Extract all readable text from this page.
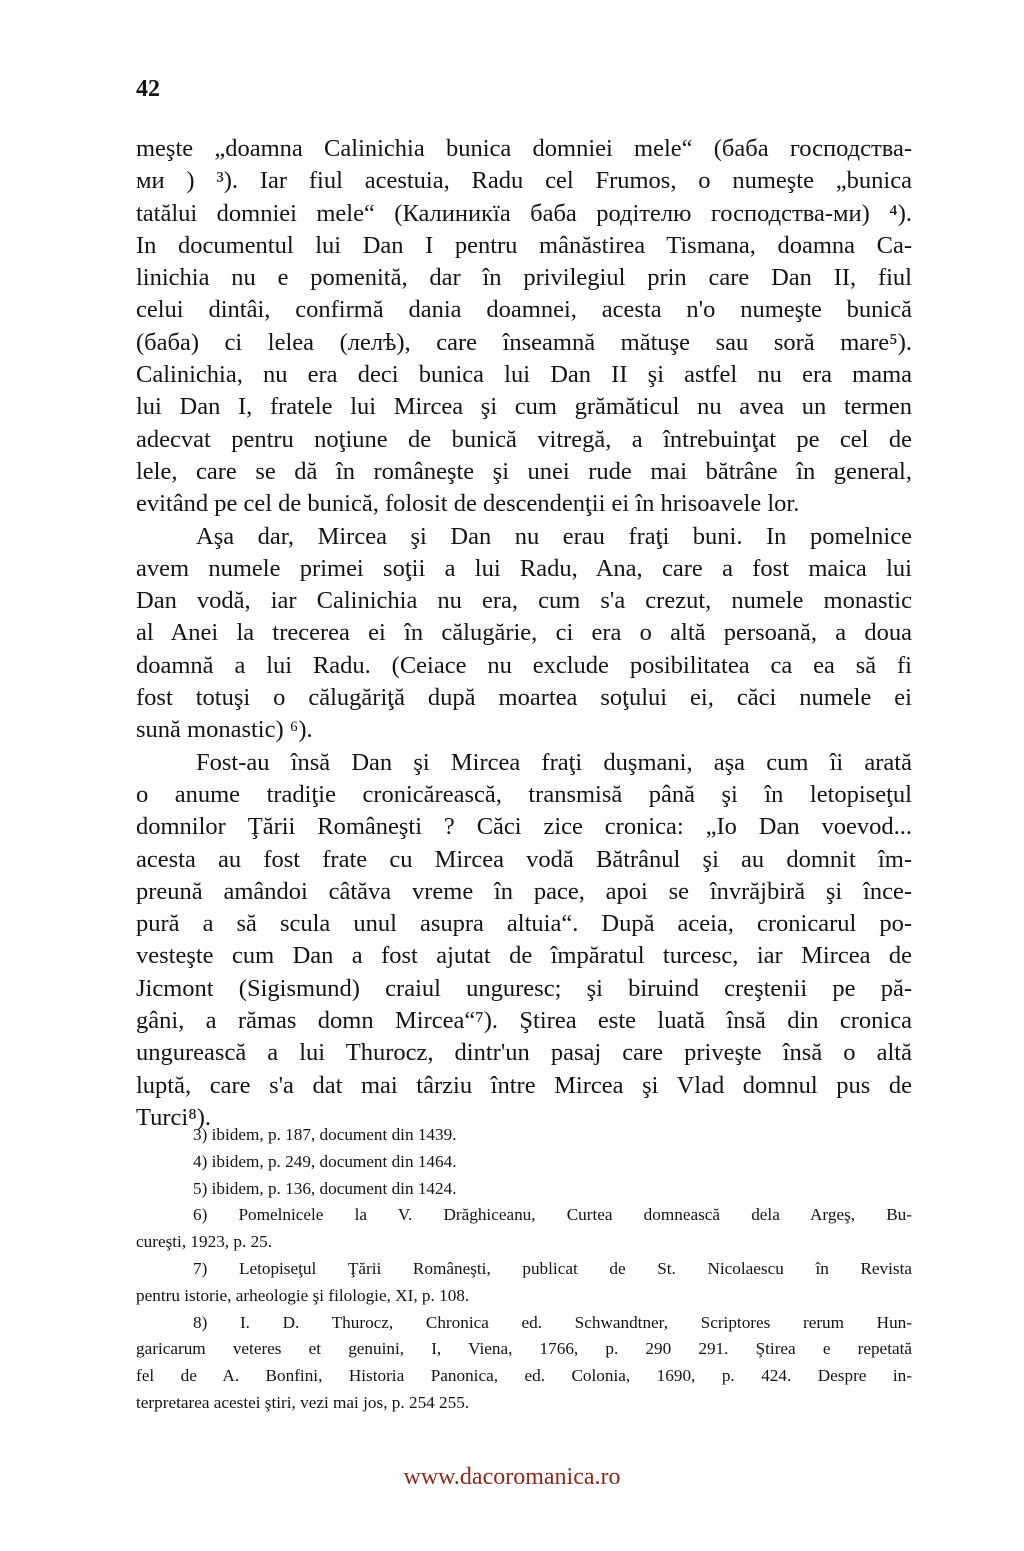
42
meşte „doamna Calinichia bunica domniei mele“ (баба господства-
ми ) ³). Iar fiul acestuia, Radu cel Frumos, o numeşte „bunica
tatălui domniei mele“ (Калиникїа баба родітелю господства-ми) ⁴).
In documentul lui Dan I pentru mânăstirea Tismana, doamna Ca-
linichia nu e pomenită, dar în privilegiul prin care Dan II, fiul
celui dintâi, confirmă dania doamnei, acesta n'o numeşte bunică
(баба) ci lelea (лелѣ), care înseamnă mătuşe sau soră mare⁵).
Calinichia, nu era deci bunica lui Dan II şi astfel nu era mama
lui Dan I, fratele lui Mircea şi cum grămăticul nu avea un termen
adecvat pentru noţiune de bunică vitregă, a întrebuinţat pe cel de
lele, care se dă în româneşte şi unei rude mai bătrâne în general,
evitând pe cel de bunică, folosit de descendenţii ei în hrisoavele lor.
Aşa dar, Mircea şi Dan nu erau fraţi buni. In pomelnice
avem numele primei soţii a lui Radu, Ana, care a fost maica lui
Dan vodă, iar Calinichia nu era, cum s'a crezut, numele monastic
al Anei la trecerea ei în călugărie, ci era o altă persoană, a doua
doamnă a lui Radu. (Ceiace nu exclude posibilitatea ca ea să fi
fost totuşi o călugăriţă după moartea soţului ei, căci numele ei
sună monastic) ⁶).
Fost-au însă Dan şi Mircea fraţi duşmani, aşa cum îi arată
o anume tradiţie cronicărească, transmisă până şi în letopiseţul
domnilor Ţării Româneşti ? Căci zice cronica: „Io Dan voevod...
acesta au fost frate cu Mircea vodă Bătrânul şi au domnit îm-
preună amândoi câtăva vreme în pace, apoi se învrăjbiră şi înce-
pură a să scula unul asupra altuia“. După aceia, cronicarul po-
vesteşte cum Dan a fost ajutat de împăratul turcesc, iar Mircea de
Jicmont (Sigismund) craiul unguresc; şi biruind creştenii pe pă-
gâni, a rămas domn Mircea“⁷). Ştirea este luată însă din cronica
ungurească a lui Thurocz, dintr'un pasaj care priveşte însă o altă
luptă, care s'a dat mai târziu între Mircea şi Vlad domnul pus de
Turci⁸).
3) ibidem, p. 187, document din 1439.
4) ibidem, p. 249, document din 1464.
5) ibidem, p. 136, document din 1424.
6) Pomelnicele la V. Drăghiceanu, Curtea domnească dela Argeş, Bu-
cureşti, 1923, p. 25.
7) Letopiseţul Ţării Româneşti, publicat de St. Nicolaescu în Revista
pentru istorie, arheologie şi filologie, XI, p. 108.
8) I. D. Thurocz, Chronica ed. Schwandtner, Scriptores rerum Hun-
garicarum veteres et genuini, I, Viena, 1766, p. 290 291. Ştirea e repetată
fel de A. Bonfini, Historia Panonica, ed. Colonia, 1690, p. 424. Despre in-
terpretarea acestei ştiri, vezi mai jos, p. 254 255.
www.dacoromanica.ro
